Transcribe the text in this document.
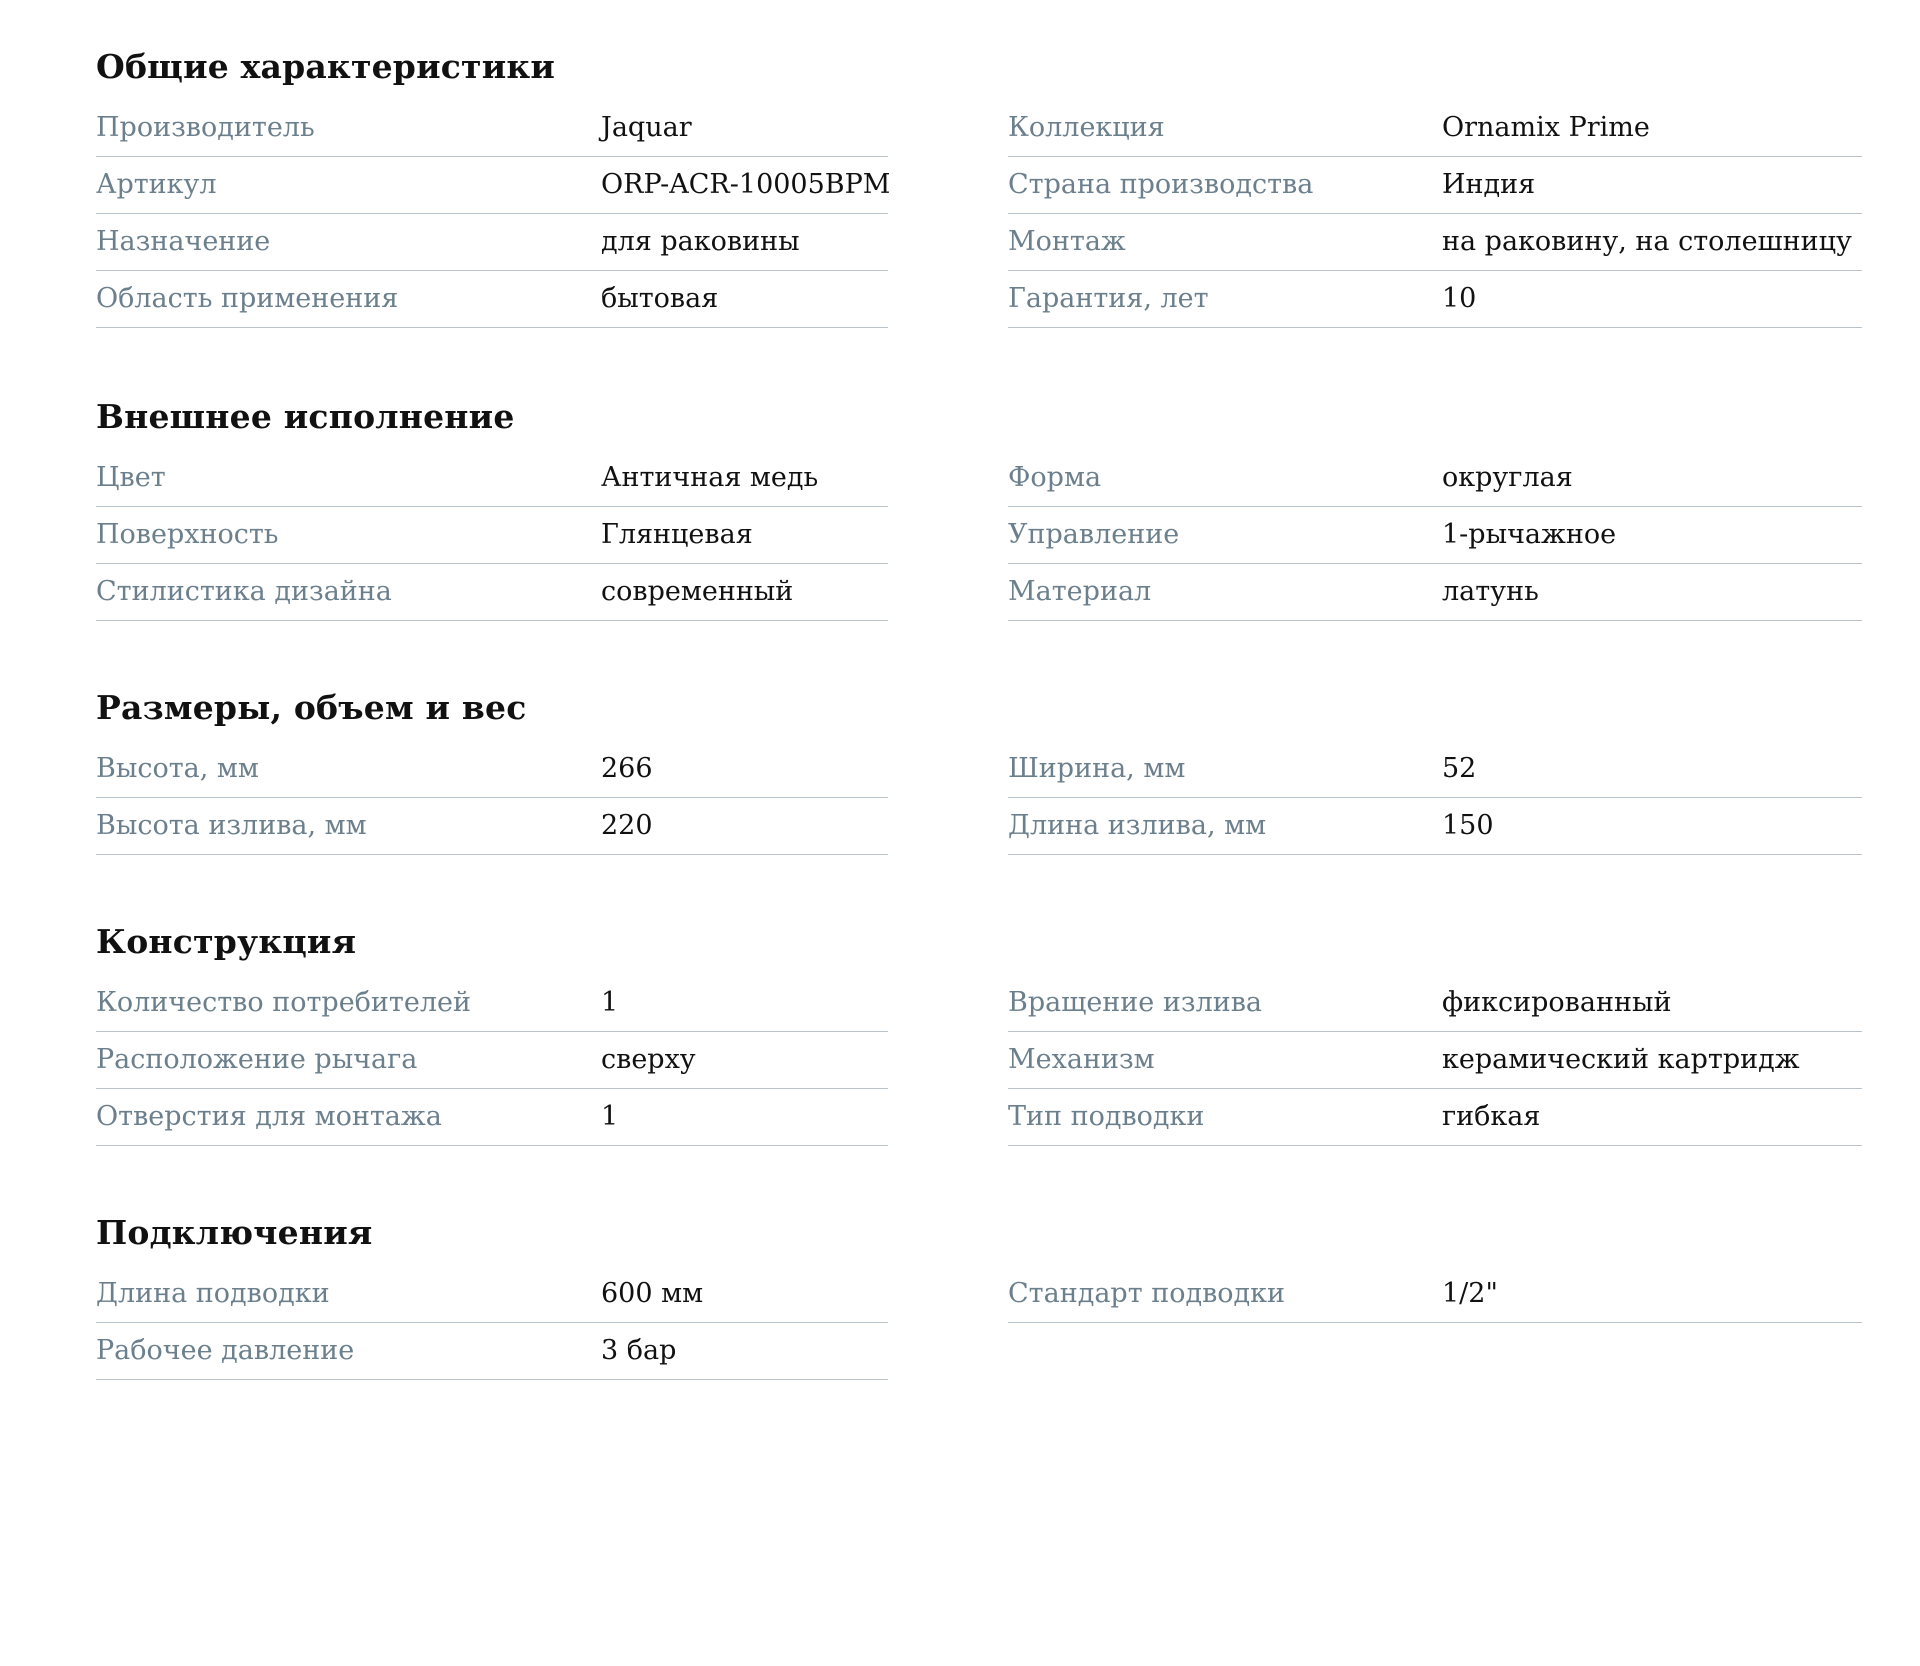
Общие характеристики
Производитель	Jaquar
Артикул	ORP-ACR-10005BPM
Назначение	для раковины
Область применения	бытовая
Коллекция	Ornamix Prime
Страна производства	Индия
Монтаж	на раковину, на столешницу
Гарантия, лет	10
Внешнее исполнение
Цвет	Античная медь
Поверхность	Глянцевая
Стилистика дизайна	современный
Форма	округлая
Управление	1-рычажное
Материал	латунь
Размеры, объем и вес
Высота, мм	266
Высота излива, мм	220
Ширина, мм	52
Длина излива, мм	150
Конструкция
Количество потребителей	1
Расположение рычага	сверху
Отверстия для монтажа	1
Вращение излива	фиксированный
Механизм	керамический картридж
Тип подводки	гибкая
Подключения
Длина подводки	600 мм
Рабочее давление	3 бар
Стандарт подводки	1/2"
